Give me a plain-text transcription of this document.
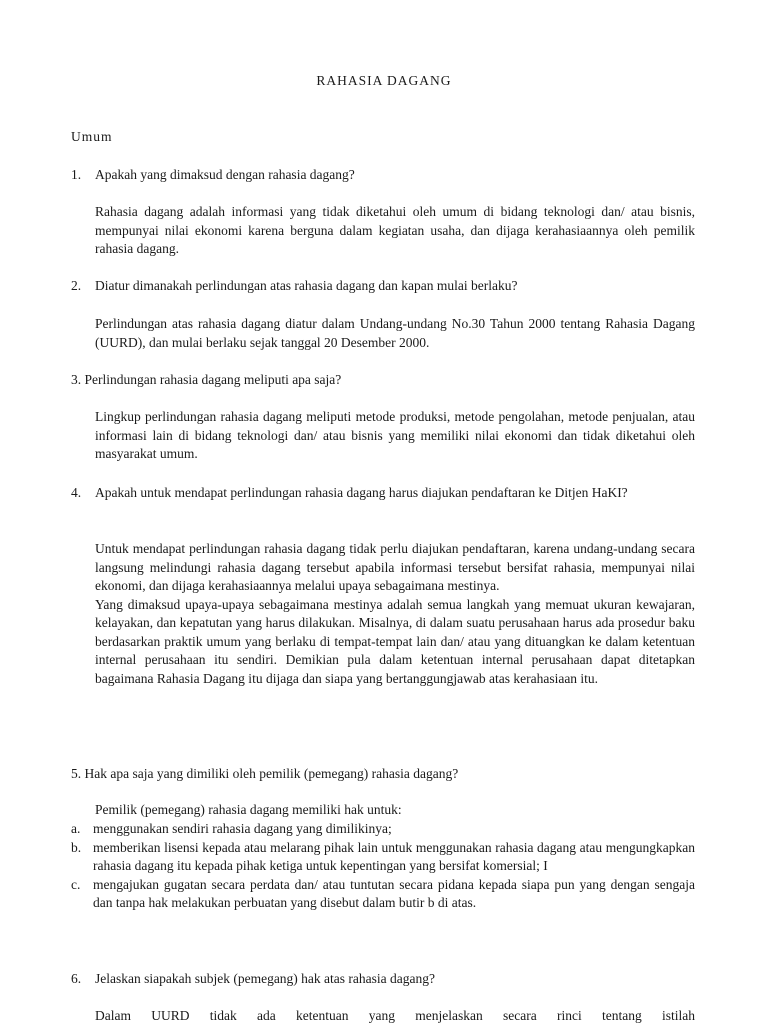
RAHASIA DAGANG
Umum
1. Apakah yang dimaksud dengan rahasia dagang?

Rahasia dagang adalah informasi yang tidak diketahui oleh umum di bidang teknologi dan/ atau bisnis, mempunyai nilai ekonomi karena berguna dalam kegiatan usaha, dan dijaga kerahasiaannya oleh pemilik rahasia dagang.

2. Diatur dimanakah perlindungan atas rahasia dagang dan kapan mulai berlaku?

Perlindungan atas rahasia dagang diatur dalam Undang-undang No.30 Tahun 2000 tentang Rahasia Dagang (UURD), dan mulai berlaku sejak tanggal 20 Desember 2000.

3. Perlindungan rahasia dagang meliputi apa saja?

Lingkup perlindungan rahasia dagang meliputi metode produksi, metode pengolahan, metode penjualan, atau informasi lain di bidang teknologi dan/ atau bisnis yang memiliki nilai ekonomi dan tidak diketahui oleh masyarakat umum.

4. Apakah untuk mendapat perlindungan rahasia dagang harus diajukan pendaftaran ke Ditjen HaKI?

Untuk mendapat perlindungan rahasia dagang tidak perlu diajukan pendaftaran, karena undang-undang secara langsung melindungi rahasia dagang tersebut apabila informasi tersebut bersifat rahasia, mempunyai nilai ekonomi, dan dijaga kerahasiaannya melalui upaya sebagaimana mestinya.

Yang dimaksud upaya-upaya sebagaimana mestinya adalah semua langkah yang memuat ukuran kewajaran, kelayakan, dan kepatutan yang harus dilakukan. Misalnya, di dalam suatu perusahaan harus ada prosedur baku berdasarkan praktik umum yang berlaku di tempat-tempat lain dan/ atau yang dituangkan ke dalam ketentuan internal perusahaan itu sendiri. Demikian pula dalam ketentuan internal perusahaan dapat ditetapkan bagaimana Rahasia Dagang itu dijaga dan siapa yang bertanggungjawab atas kerahasiaan itu.

5. Hak apa saja yang dimiliki oleh pemilik (pemegang) rahasia dagang?

Pemilik (pemegang) rahasia dagang memiliki hak untuk:

a. menggunakan sendiri rahasia dagang yang dimilikinya;
b. memberikan lisensi kepada atau melarang pihak lain untuk menggunakan rahasia dagang atau mengungkapkan rahasia dagang itu kepada pihak ketiga untuk kepentingan yang bersifat komersial; I
c. mengajukan gugatan secara perdata dan/ atau tuntutan secara pidana kepada siapa pun yang dengan sengaja dan tanpa hak melakukan perbuatan yang disebut dalam butir b di atas.
6. Jelaskan siapakah subjek (pemegang) hak atas rahasia dagang?

Dalam UURD tidak ada ketentuan yang menjelaskan secara rinci tentang istilah
